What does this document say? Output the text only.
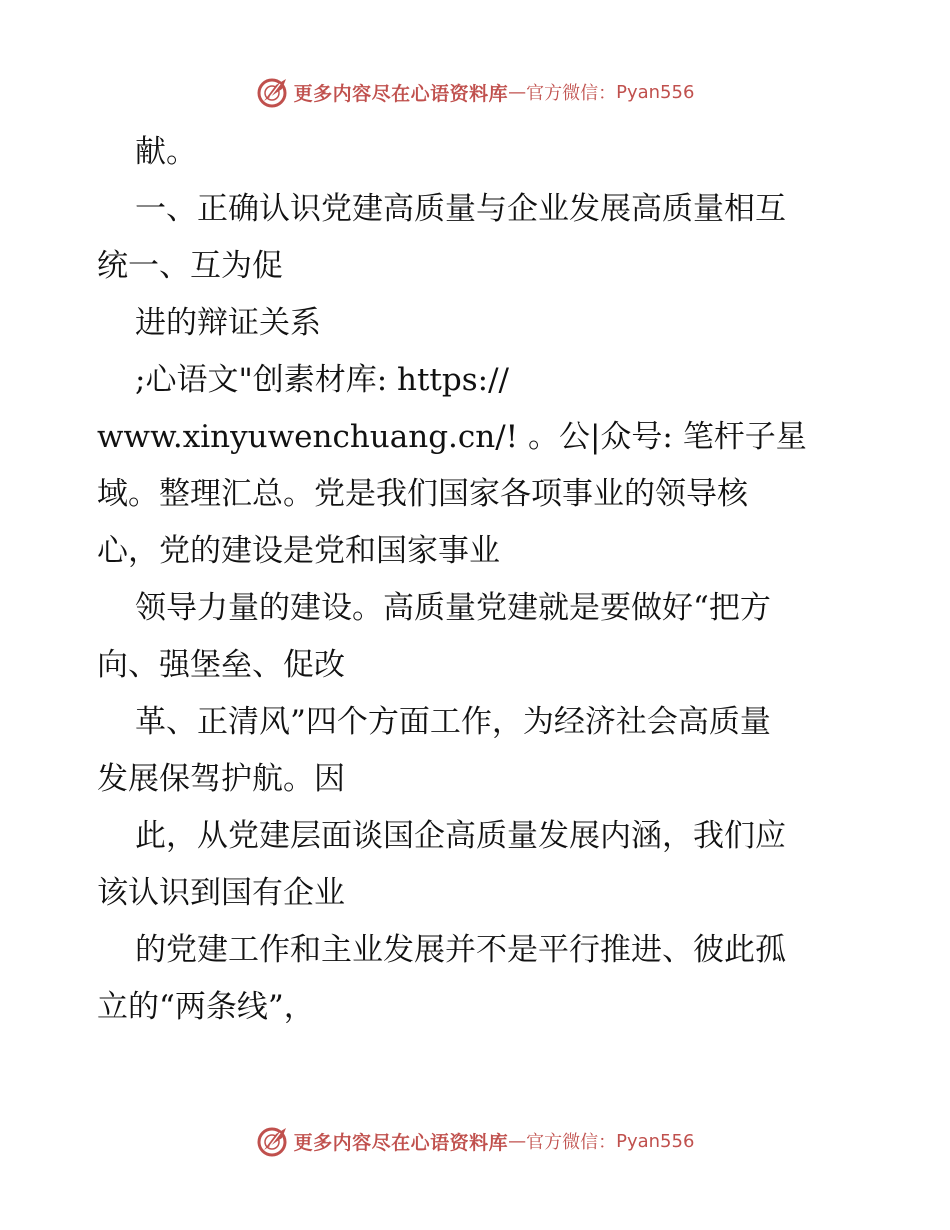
更多内容尽在心语资料库 — 官方微信： Pyan556
献。
一、正确认识党建高质量与企业发展高质量相互
统一、互为促
进的辩证关系
;心语文"创素材库: https://
www.xinyuwenchuang.cn/! 。公|众号: 笔杆子星
域。整理汇总。党是我们国家各项事业的领导核
心，党的建设是党和国家事业
领导力量的建设。高质量党建就是要做好“把方
向、强堡垒、促改
革、正清风”四个方面工作，为经济社会高质量
发展保驾护航。因
此，从党建层面谈国企高质量发展内涵，我们应
该认识到国有企业
的党建工作和主业发展并不是平行推进、彼此孤
立的“两条线”，
更多内容尽在心语资料库 — 官方微信： Pyan556
